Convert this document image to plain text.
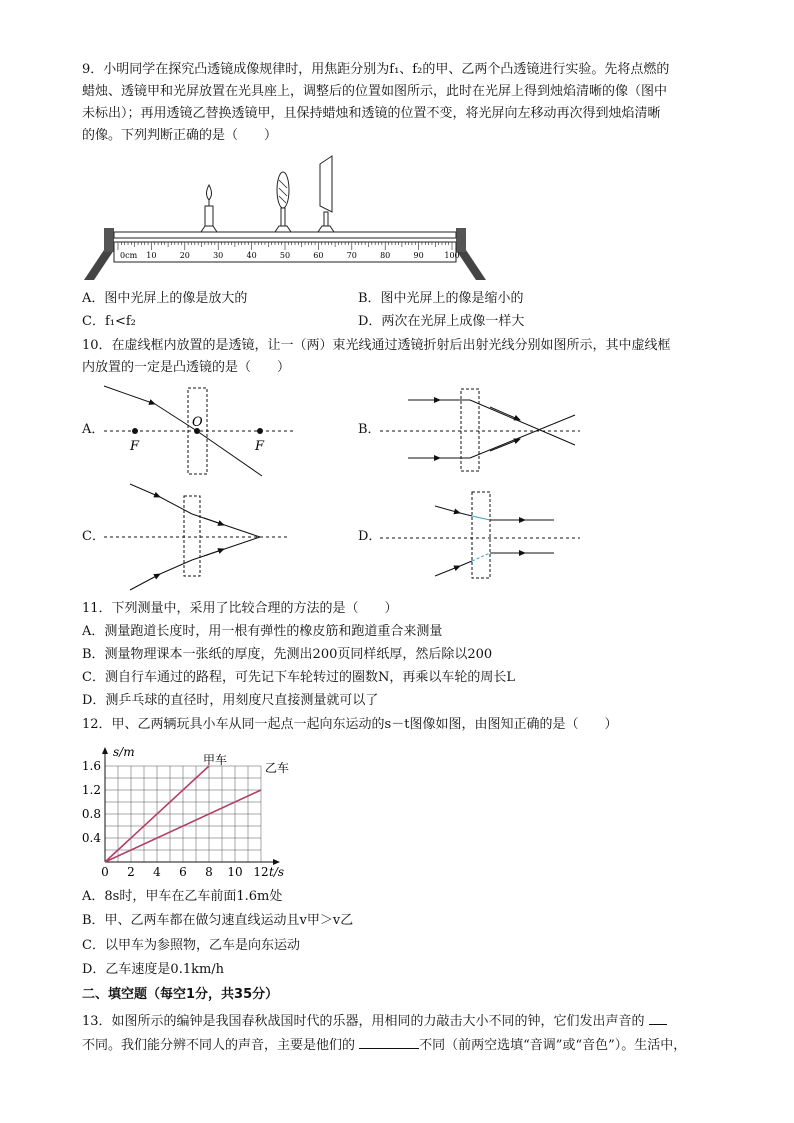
9．小明同学在探究凸透镜成像规律时，用焦距分别为f₁、f₂的甲、乙两个凸透镜进行实验。先将点燃的
蜡烛、透镜甲和光屏放置在光具座上，调整后的位置如图所示，此时在光屏上得到烛焰清晰的像（图中
未标出）；再用透镜乙替换透镜甲，且保持蜡烛和透镜的位置不变，将光屏向左移动再次得到烛焰清晰
的像。下列判断正确的是（　　）
0cm 10	20	30	40	50	60	70	80	90	100
A．图中光屏上的像是放大的	B．图中光屏上的像是缩小的
C．f₁<f₂	D．两次在光屏上成像一样大
10．在虚线框内放置的是透镜，让一（两）束光线通过透镜折射后出射光线分别如图所示，其中虚线框
内放置的一定是凸透镜的是（　　）
A．	B．
C．	D．
F	F
O
11．下列测量中，采用了比较合理的方法的是（　　）
A．测量跑道长度时，用一根有弹性的橡皮筋和跑道重合来测量
B．测量物理课本一张纸的厚度，先测出200页同样纸厚，然后除以200
C．测自行车通过的路程，可先记下车轮转过的圈数N，再乘以车轮的周长L
D．测乒乓球的直径时，用刻度尺直接测量就可以了
12．甲、乙两辆玩具小车从同一起点一起向东运动的s－t图像如图，由图知正确的是（　　）
0 2 4 6 8 10 12
0.4
0.8
1.2
1.6
t/s
s/m
甲车
乙车
A．8s时，甲车在乙车前面1.6m处
B．甲、乙两车都在做匀速直线运动且v甲＞v乙
C．以甲车为参照物，乙车是向东运动
D．乙车速度是0.1km/h
二、填空题（每空1分，共35分）
13．如图所示的编钟是我国春秋战国时代的乐器，用相同的力敲击大小不同的钟，它们发出声音的
不同。我们能分辨不同人的声音，主要是他们的	不同（前两空选填“音调”或“音色”）。生活中，
